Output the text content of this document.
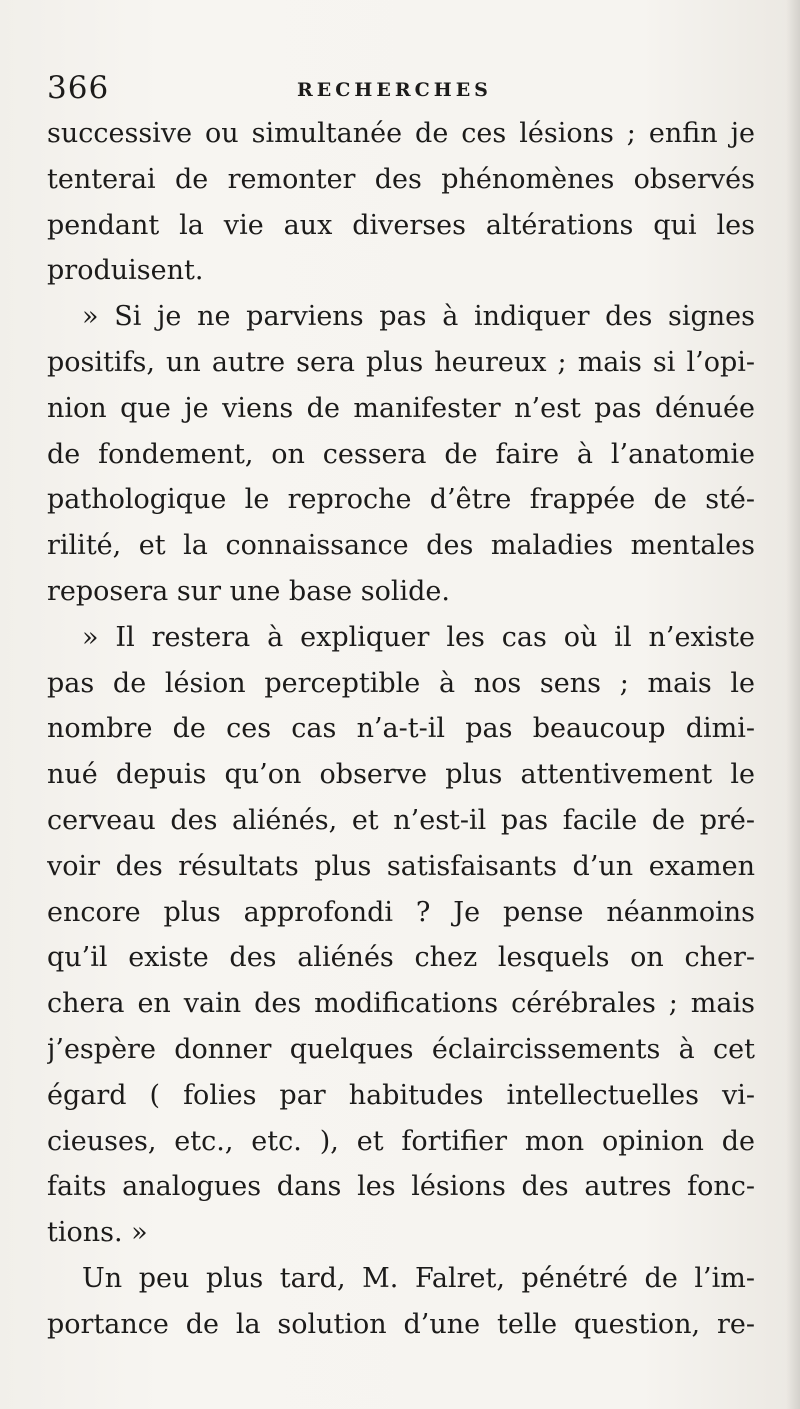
366	RECHERCHES
successive ou simultanée de ces lésions ; enfin je
tenterai de remonter des phénomènes observés
pendant la vie aux diverses altérations qui les
produisent.
» Si je ne parviens pas à indiquer des signes
positifs, un autre sera plus heureux ; mais si l’opi-
nion que je viens de manifester n’est pas dénuée
de fondement, on cessera de faire à l’anatomie
pathologique le reproche d’être frappée de sté-
rilité, et la connaissance des maladies mentales
reposera sur une base solide.
» Il restera à expliquer les cas où il n’existe
pas de lésion perceptible à nos sens ; mais le
nombre de ces cas n’a-t-il pas beaucoup dimi-
nué depuis qu’on observe plus attentivement le
cerveau des aliénés, et n’est-il pas facile de pré-
voir des résultats plus satisfaisants d’un examen
encore plus approfondi ? Je pense néanmoins
qu’il existe des aliénés chez lesquels on cher-
chera en vain des modifications cérébrales ; mais
j’espère donner quelques éclaircissements à cet
égard ( folies par habitudes intellectuelles vi-
cieuses, etc., etc. ), et fortifier mon opinion de
faits analogues dans les lésions des autres fonc-
tions. »
Un peu plus tard, M. Falret, pénétré de l’im-
portance de la solution d’une telle question, re-
